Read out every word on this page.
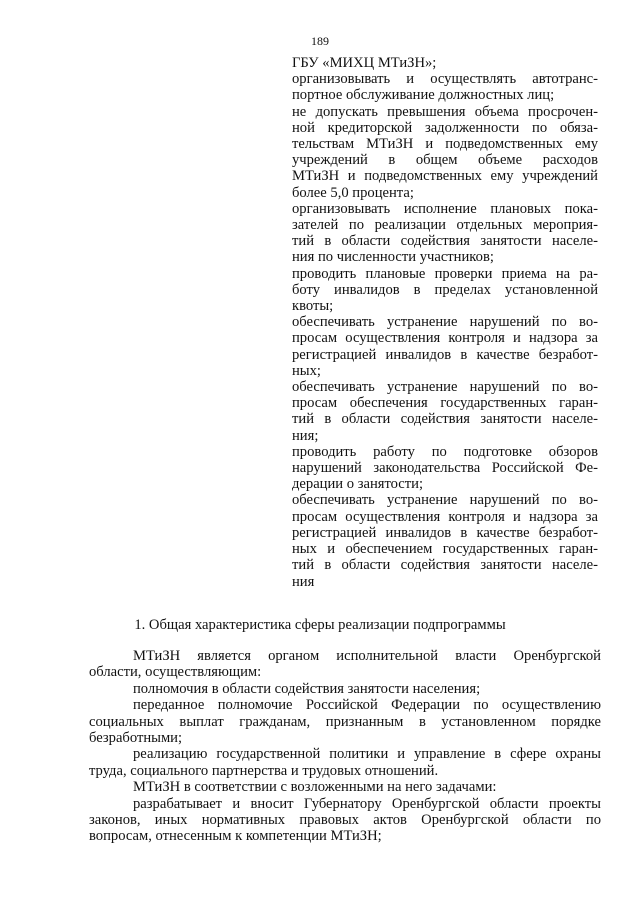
189
ГБУ «МИХЦ МТиЗН»;
организовывать и осуществлять автотранс-
портное обслуживание должностных лиц;
не допускать превышения объема просрочен-
ной кредиторской задолженности по обяза-
тельствам МТиЗН и подведомственных ему
учреждений в общем объеме расходов
МТиЗН и подведомственных ему учреждений
более 5,0 процента;
организовывать исполнение плановых пока-
зателей по реализации отдельных мероприя-
тий в области содействия занятости населе-
ния по численности участников;
проводить плановые проверки приема на ра-
боту инвалидов в пределах установленной
квоты;
обеспечивать устранение нарушений по во-
просам осуществления контроля и надзора за
регистрацией инвалидов в качестве безработ-
ных;
обеспечивать устранение нарушений по во-
просам обеспечения государственных гаран-
тий в области содействия занятости населе-
ния;
проводить работу по подготовке обзоров
нарушений законодательства Российской Фе-
дерации о занятости;
обеспечивать устранение нарушений по во-
просам осуществления контроля и надзора за
регистрацией инвалидов в качестве безработ-
ных и обеспечением государственных гаран-
тий в области содействия занятости населе-
ния
1. Общая характеристика сферы реализации подпрограммы
МТиЗН является органом исполнительной власти Оренбургской
области, осуществляющим:
полномочия в области содействия занятости населения;
переданное полномочие Российской Федерации по осуществлению
социальных выплат гражданам, признанным в установленном порядке
безработными;
реализацию государственной политики и управление в сфере охраны
труда, социального партнерства и трудовых отношений.
МТиЗН в соответствии с возложенными на него задачами:
разрабатывает и вносит Губернатору Оренбургской области проекты
законов, иных нормативных правовых актов Оренбургской области по
вопросам, отнесенным к компетенции МТиЗН;
